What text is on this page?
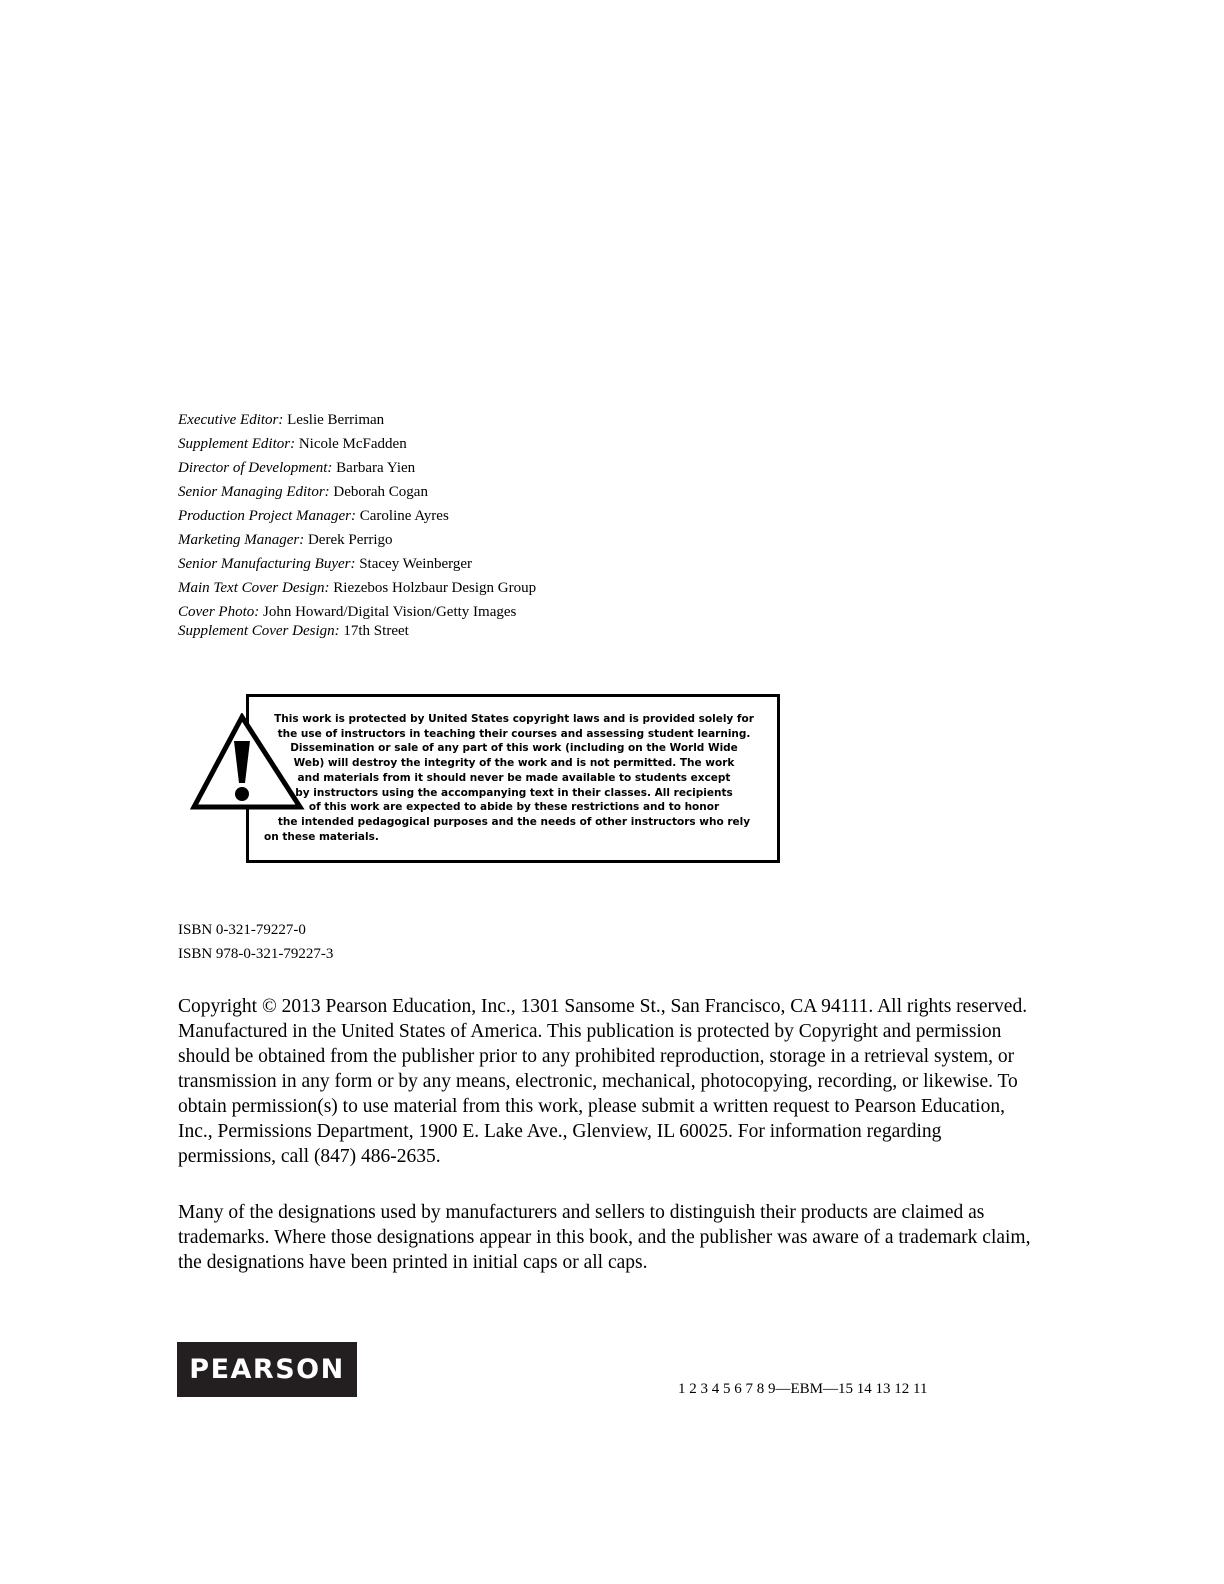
Executive Editor: Leslie Berriman
Supplement Editor: Nicole McFadden
Director of Development: Barbara Yien
Senior Managing Editor: Deborah Cogan
Production Project Manager: Caroline Ayres
Marketing Manager: Derek Perrigo
Senior Manufacturing Buyer: Stacey Weinberger
Main Text Cover Design: Riezebos Holzbaur Design Group
Cover Photo: John Howard/Digital Vision/Getty Images
Supplement Cover Design: 17th Street
This work is protected by United States copyright laws and is provided solely for
the use of instructors in teaching their courses and assessing student learning.
Dissemination or sale of any part of this work (including on the World Wide
Web) will destroy the integrity of the work and is not permitted. The work
and materials from it should never be made available to students except
by instructors using the accompanying text in their classes. All recipients
of this work are expected to abide by these restrictions and to honor
the intended pedagogical purposes and the needs of other instructors who rely
on these materials.
ISBN 0-321-79227-0
ISBN 978-0-321-79227-3

Copyright © 2013 Pearson Education, Inc., 1301 Sansome St., San Francisco, CA 94111. All rights reserved. Manufactured in the United States of America. This publication is protected by Copyright and permission should be obtained from the publisher prior to any prohibited reproduction, storage in a retrieval system, or transmission in any form or by any means, electronic, mechanical, photocopying, recording, or likewise. To obtain permission(s) to use material from this work, please submit a written request to Pearson Education, Inc., Permissions Department, 1900 E. Lake Ave., Glenview, IL 60025. For information regarding permissions, call (847) 486-2635.

Many of the designations used by manufacturers and sellers to distinguish their products are claimed as trademarks. Where those designations appear in this book, and the publisher was aware of a trademark claim, the designations have been printed in initial caps or all caps.

PEARSON
1 2 3 4 5 6 7 8 9—EBM—15 14 13 12 11
